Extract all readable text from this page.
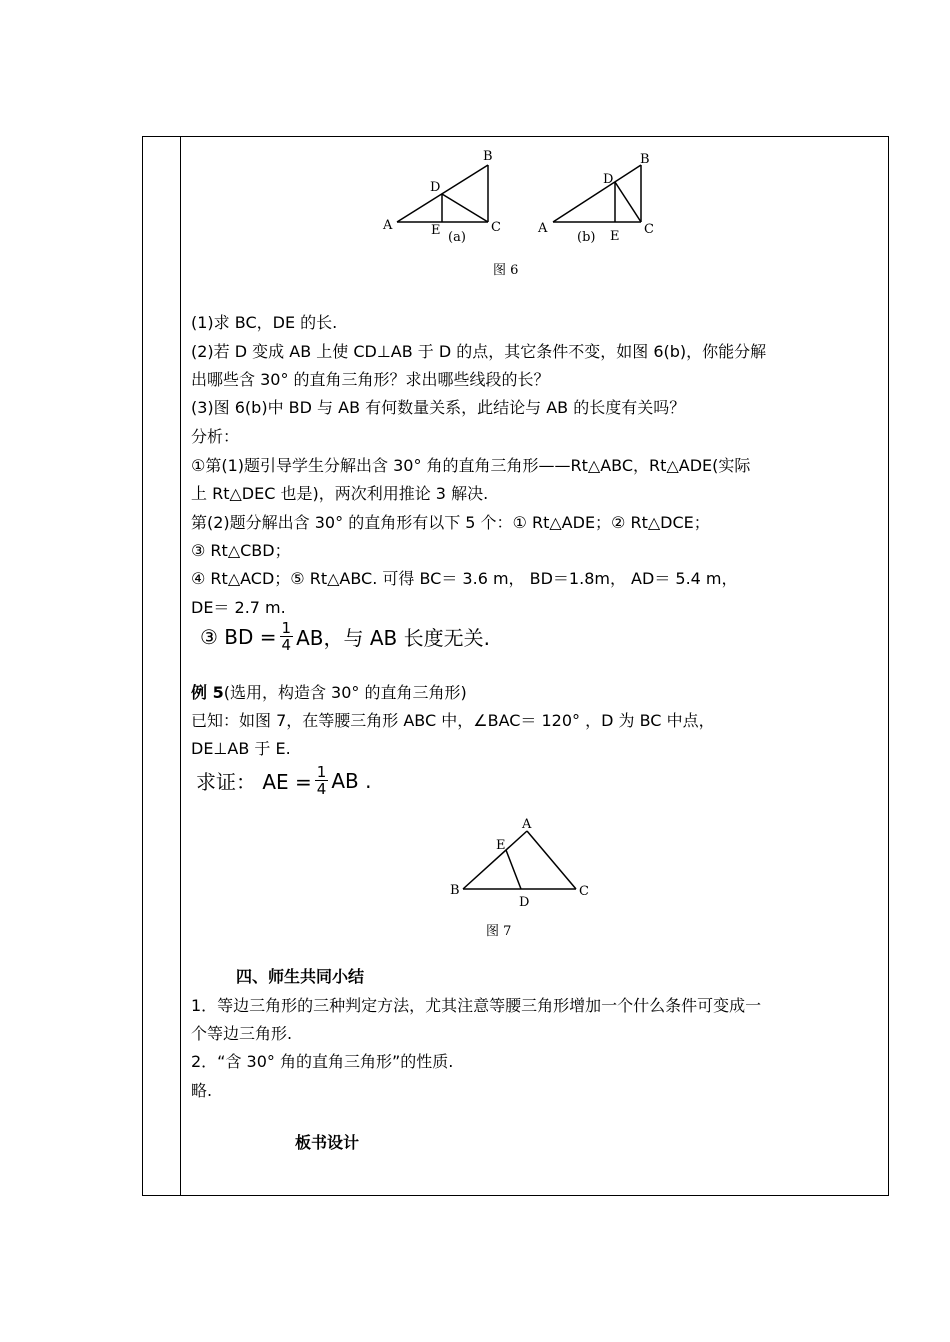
B
D
A	E (a)
C
B
D
A
(b) E C
图 6
(1)求 BC，DE 的长.
(2)若 D 变成 AB 上使 CD⊥AB 于 D 的点，其它条件不变，如图 6(b)，你能分解
出哪些含 30° 的直角三角形？求出哪些线段的长？
(3)图 6(b)中 BD 与 AB 有何数量关系，此结论与 AB 的长度有关吗？
分析：
①第(1)题引导学生分解出含 30° 角的直角三角形——Rt△ABC，Rt△ADE(实际
上 Rt△DEC 也是)，两次利用推论 3 解决.
第(2)题分解出含 30° 的直角形有以下 5 个：① Rt△ADE；② Rt△DCE；
③ Rt△CBD；
④ Rt△ACD；⑤ Rt△ABC. 可得 BC＝ 3.6 m， BD＝1.8m， AD＝ 5.4 m，
DE＝ 2.7 m.
③ BD = $\frac{1}{4}$ AB，与 AB 长度无关.
例 5(选用，构造含 30° 的直角三角形)
已知：如图 7，在等腰三角形 ABC 中，∠BAC＝ 120° ，D 为 BC 中点，
DE⊥AB 于 E.
求证： AE = $\frac{1}{4}$ AB .
A
E
B	C
D
图 7
四、师生共同小结
1．等边三角形的三种判定方法，尤其注意等腰三角形增加一个什么条件可变成一
个等边三角形.
2．“含 30° 角的直角三角形”的性质.
略.
板书设计
